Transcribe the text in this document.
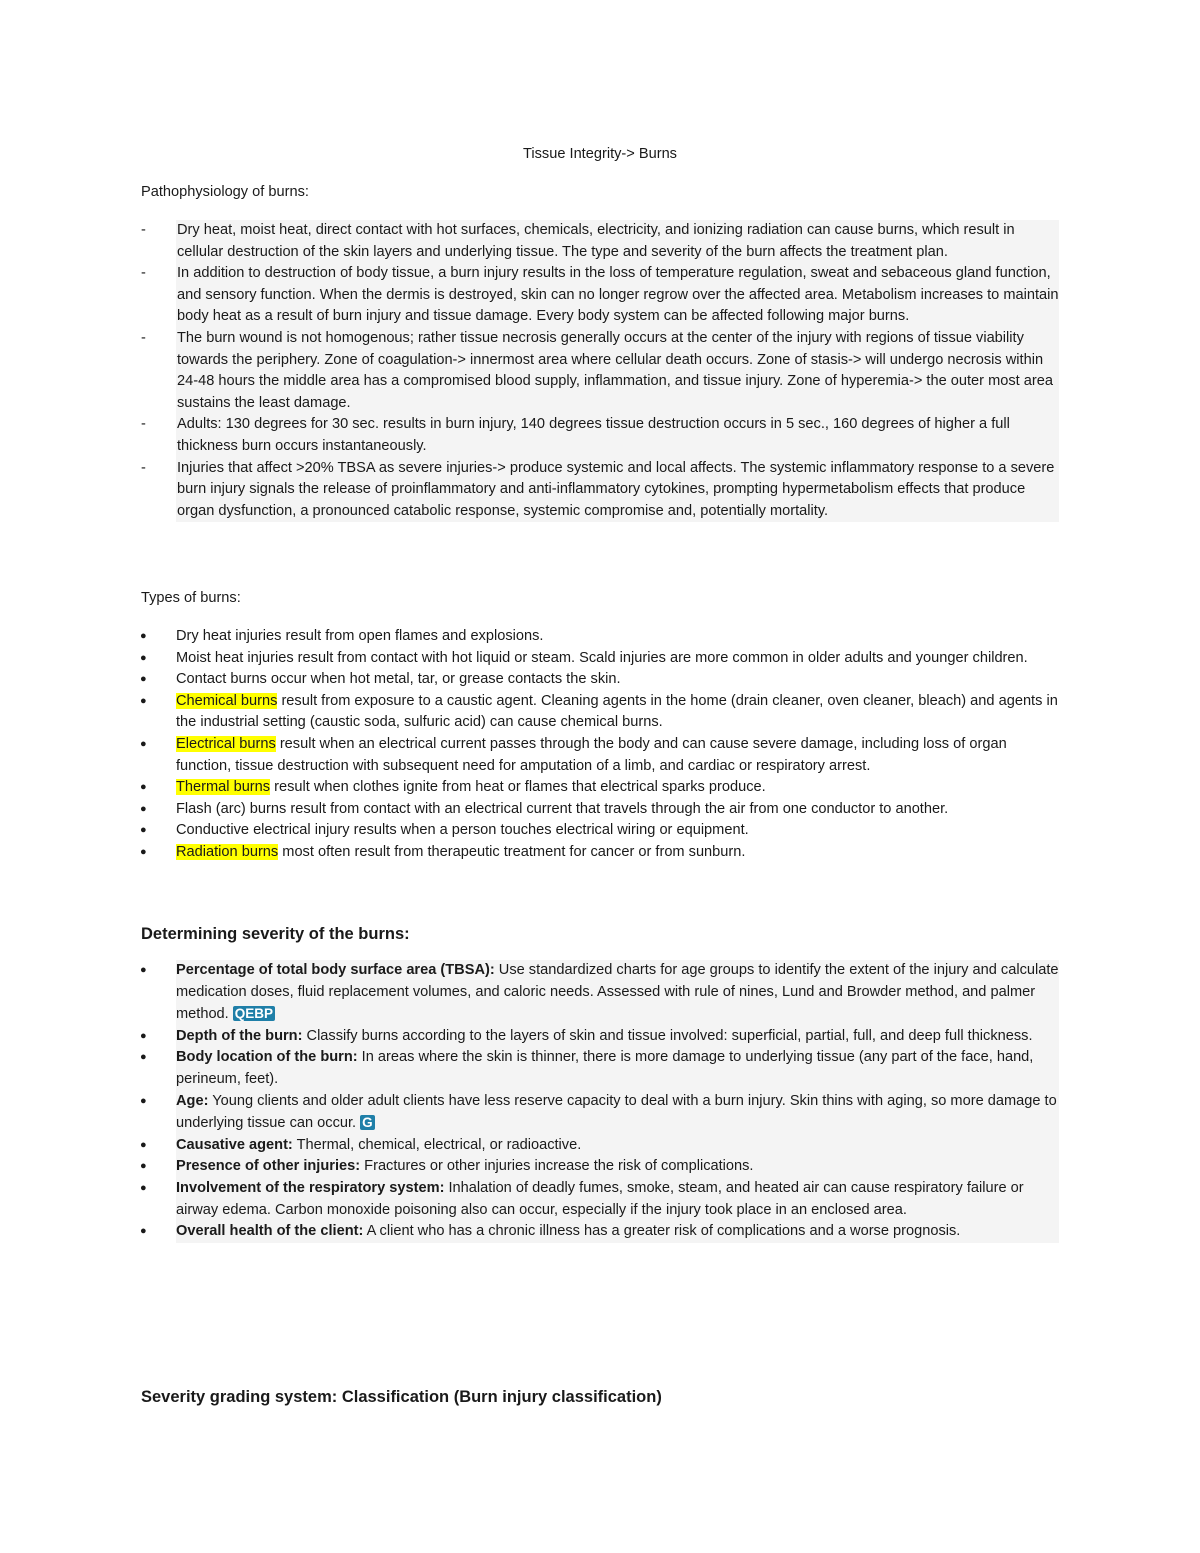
Tissue Integrity-> Burns
Pathophysiology of burns:
-	Dry heat, moist heat, direct contact with hot surfaces, chemicals, electricity, and ionizing radiation can cause burns, which result in cellular destruction of the skin layers and underlying tissue. The type and severity of the burn affects the treatment plan.
-	In addition to destruction of body tissue, a burn injury results in the loss of temperature regulation, sweat and sebaceous gland function, and sensory function. When the dermis is destroyed, skin can no longer regrow over the affected area. Metabolism increases to maintain body heat as a result of burn injury and tissue damage. Every body system can be affected following major burns.
-	The burn wound is not homogenous; rather tissue necrosis generally occurs at the center of the injury with regions of tissue viability towards the periphery. Zone of coagulation-> innermost area where cellular death occurs. Zone of stasis-> will undergo necrosis within 24-48 hours the middle area has a compromised blood supply, inflammation, and tissue injury. Zone of hyperemia-> the outer most area sustains the least damage.
-	Adults: 130 degrees for 30 sec. results in burn injury, 140 degrees tissue destruction occurs in 5 sec., 160 degrees of higher a full thickness burn occurs instantaneously.
-	Injuries that affect >20% TBSA as severe injuries-> produce systemic and local affects. The systemic inflammatory response to a severe burn injury signals the release of proinflammatory and anti-inflammatory cytokines, prompting hypermetabolism effects that produce organ dysfunction, a pronounced catabolic response, systemic compromise and, potentially mortality.
Types of burns:
●	Dry heat injuries result from open flames and explosions.
●	Moist heat injuries result from contact with hot liquid or steam. Scald injuries are more common in older adults and younger children.
●	Contact burns occur when hot metal, tar, or grease contacts the skin.
●	Chemical burns result from exposure to a caustic agent. Cleaning agents in the home (drain cleaner, oven cleaner, bleach) and agents in the industrial setting (caustic soda, sulfuric acid) can cause chemical burns.
●	Electrical burns result when an electrical current passes through the body and can cause severe damage, including loss of organ function, tissue destruction with subsequent need for amputation of a limb, and cardiac or respiratory arrest.
●	Thermal burns result when clothes ignite from heat or flames that electrical sparks produce.
●	Flash (arc) burns result from contact with an electrical current that travels through the air from one conductor to another.
●	Conductive electrical injury results when a person touches electrical wiring or equipment.
●	Radiation burns most often result from therapeutic treatment for cancer or from sunburn.
Determining severity of the burns:
●	Percentage of total body surface area (TBSA): Use standardized charts for age groups to identify the extent of the injury and calculate medication doses, fluid replacement volumes, and caloric needs. Assessed with rule of nines, Lund and Browder method, and palmer method. QEBP
●	Depth of the burn: Classify burns according to the layers of skin and tissue involved: superficial, partial, full, and deep full thickness.
●	Body location of the burn: In areas where the skin is thinner, there is more damage to underlying tissue (any part of the face, hand, perineum, feet).
●	Age: Young clients and older adult clients have less reserve capacity to deal with a burn injury. Skin thins with aging, so more damage to underlying tissue can occur. G
●	Causative agent: Thermal, chemical, electrical, or radioactive.
●	Presence of other injuries: Fractures or other injuries increase the risk of complications.
●	Involvement of the respiratory system: Inhalation of deadly fumes, smoke, steam, and heated air can cause respiratory failure or airway edema. Carbon monoxide poisoning also can occur, especially if the injury took place in an enclosed area.
●	Overall health of the client: A client who has a chronic illness has a greater risk of complications and a worse prognosis.
Severity grading system: Classification (Burn injury classification)
